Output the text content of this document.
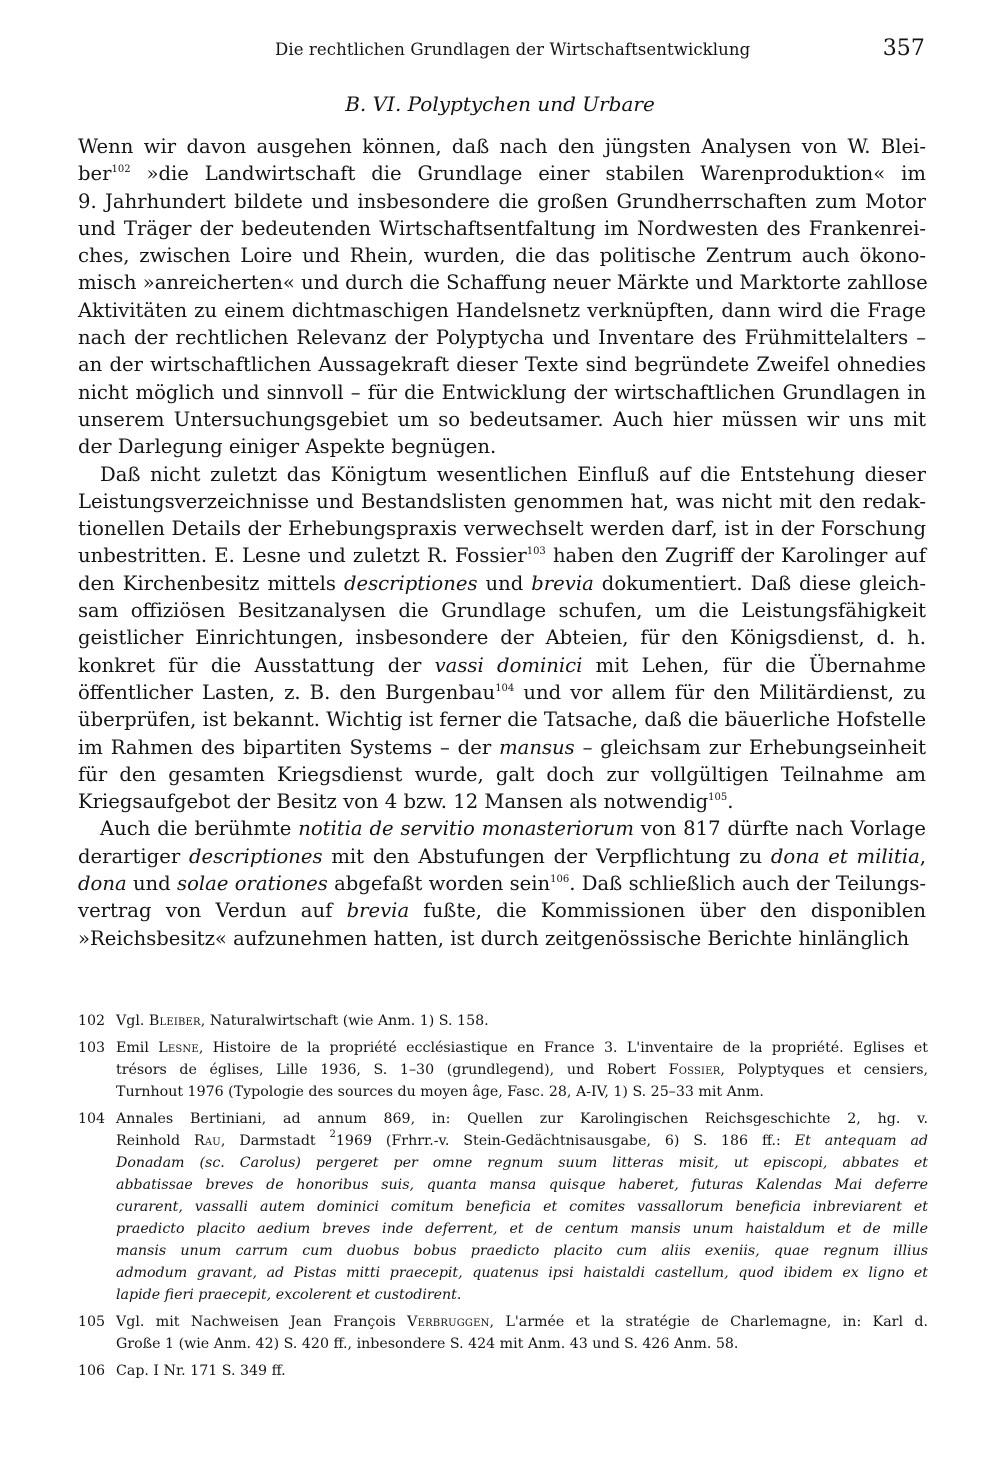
Die rechtlichen Grundlagen der Wirtschaftsentwicklung	357
B. VI. Polyptychen und Urbare
Wenn wir davon ausgehen können, daß nach den jüngsten Analysen von W. Blei-
ber$^{102}$ »die Landwirtschaft die Grundlage einer stabilen Warenproduktion« im
9. Jahrhundert bildete und insbesondere die großen Grundherrschaften zum Motor
und Träger der bedeutenden Wirtschaftsentfaltung im Nordwesten des Frankenrei-
ches, zwischen Loire und Rhein, wurden, die das politische Zentrum auch ökono-
misch »anreicherten« und durch die Schaffung neuer Märkte und Marktorte zahllose
Aktivitäten zu einem dichtmaschigen Handelsnetz verknüpften, dann wird die Frage
nach der rechtlichen Relevanz der Polyptycha und Inventare des Frühmittelalters –
an der wirtschaftlichen Aussagekraft dieser Texte sind begründete Zweifel ohnedies
nicht möglich und sinnvoll – für die Entwicklung der wirtschaftlichen Grundlagen in
unserem Untersuchungsgebiet um so bedeutsamer. Auch hier müssen wir uns mit
der Darlegung einiger Aspekte begnügen.
Daß nicht zuletzt das Königtum wesentlichen Einfluß auf die Entstehung dieser
Leistungsverzeichnisse und Bestandslisten genommen hat, was nicht mit den redak-
tionellen Details der Erhebungspraxis verwechselt werden darf, ist in der Forschung
unbestritten. E. Lesne und zuletzt R. Fossier$^{103}$ haben den Zugriff der Karolinger auf
den Kirchenbesitz mittels descriptiones und brevia dokumentiert. Daß diese gleich-
sam offiziösen Besitzanalysen die Grundlage schufen, um die Leistungsfähigkeit
geistlicher Einrichtungen, insbesondere der Abteien, für den Königsdienst, d. h.
konkret für die Ausstattung der vassi dominici mit Lehen, für die Übernahme
öffentlicher Lasten, z. B. den Burgenbau$^{104}$ und vor allem für den Militärdienst, zu
überprüfen, ist bekannt. Wichtig ist ferner die Tatsache, daß die bäuerliche Hofstelle
im Rahmen des bipartiten Systems – der mansus – gleichsam zur Erhebungseinheit
für den gesamten Kriegsdienst wurde, galt doch zur vollgültigen Teilnahme am
Kriegsaufgebot der Besitz von 4 bzw. 12 Mansen als notwendig$^{105}$.
Auch die berühmte notitia de servitio monasteriorum von 817 dürfte nach Vorlage
derartiger descriptiones mit den Abstufungen der Verpflichtung zu dona et militia,
dona und solae orationes abgefaßt worden sein$^{106}$. Daß schließlich auch der Teilungs-
vertrag von Verdun auf brevia fußte, die Kommissionen über den disponiblen
»Reichsbesitz« aufzunehmen hatten, ist durch zeitgenössische Berichte hinlänglich
102 Vgl. Bleiber, Naturalwirtschaft (wie Anm. 1) S. 158.
103 Emil Lesne, Histoire de la propriété ecclésiastique en France 3. L'inventaire de la propriété. Eglises et
trésors de églises, Lille 1936, S. 1–30 (grundlegend), und Robert Fossier, Polyptyques et censiers,
Turnhout 1976 (Typologie des sources du moyen âge, Fasc. 28, A-IV, 1) S. 25–33 mit Anm.
104 Annales Bertiniani, ad annum 869, in: Quellen zur Karolingischen Reichsgeschichte 2, hg. v.
Reinhold Rau, Darmstadt $^2$1969 (Frhrr.-v. Stein-Gedächtnisausgabe, 6) S. 186 ff.: Et antequam ad
Donadam (sc. Carolus) pergeret per omne regnum suum litteras misit, ut episcopi, abbates et
abbatissae breves de honoribus suis, quanta mansa quisque haberet, futuras Kalendas Mai deferre
curarent, vassalli autem dominici comitum beneficia et comites vassallorum beneficia inbreviarent et
praedicto placito aedium breves inde deferrent, et de centum mansis unum haistaldum et de mille
mansis unum carrum cum duobus bobus praedicto placito cum aliis exeniis, quae regnum illius
admodum gravant, ad Pistas mitti praecepit, quatenus ipsi haistaldi castellum, quod ibidem ex ligno et
lapide fieri praecepit, excolerent et custodirent.
105 Vgl. mit Nachweisen Jean François Verbruggen, L'armée et la stratégie de Charlemagne, in: Karl d.
Große 1 (wie Anm. 42) S. 420 ff., inbesondere S. 424 mit Anm. 43 und S. 426 Anm. 58.
106 Cap. I Nr. 171 S. 349 ff.
